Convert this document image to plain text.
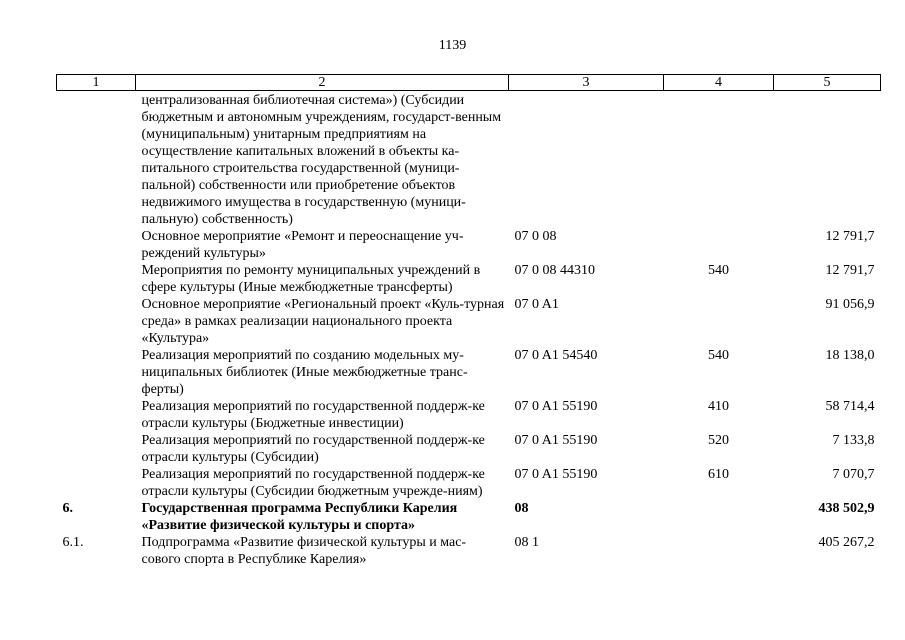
1139
1	2	3	4	5
	централизованная библиотечная система») (Субсидии бюджетным и автономным учреждениям, государст-венным (муниципальным) унитарным предприятиям на осуществление капитальных вложений в объекты ка-питального строительства государственной (муници-пальной) собственности или приобретение объектов недвижимого имущества в государственную (муници-пальную) собственность)			
	Основное мероприятие «Ремонт и переоснащение уч-реждений культуры»	07 0 08		12 791,7
	Мероприятия по ремонту муниципальных учреждений в сфере культуры (Иные межбюджетные трансферты)	07 0 08 44310	540	12 791,7
	Основное мероприятие «Региональный проект «Куль-турная среда» в рамках реализации национального проекта «Культура»	07 0 A1		91 056,9
	Реализация мероприятий по созданию модельных му-ниципальных библиотек (Иные межбюджетные транс-ферты)	07 0 A1 54540	540	18 138,0
	Реализация мероприятий по государственной поддерж-ке отрасли культуры (Бюджетные инвестиции)	07 0 A1 55190	410	58 714,4
	Реализация мероприятий по государственной поддерж-ке отрасли культуры (Субсидии)	07 0 A1 55190	520	7 133,8
	Реализация мероприятий по государственной поддерж-ке отрасли культуры (Субсидии бюджетным учрежде-ниям)	07 0 A1 55190	610	7 070,7
6.	Государственная программа Республики Карелия «Развитие физической культуры и спорта»	08		438 502,9
6.1.	Подпрограмма «Развитие физической культуры и мас-сового спорта в Республике Карелия»	08 1		405 267,2
